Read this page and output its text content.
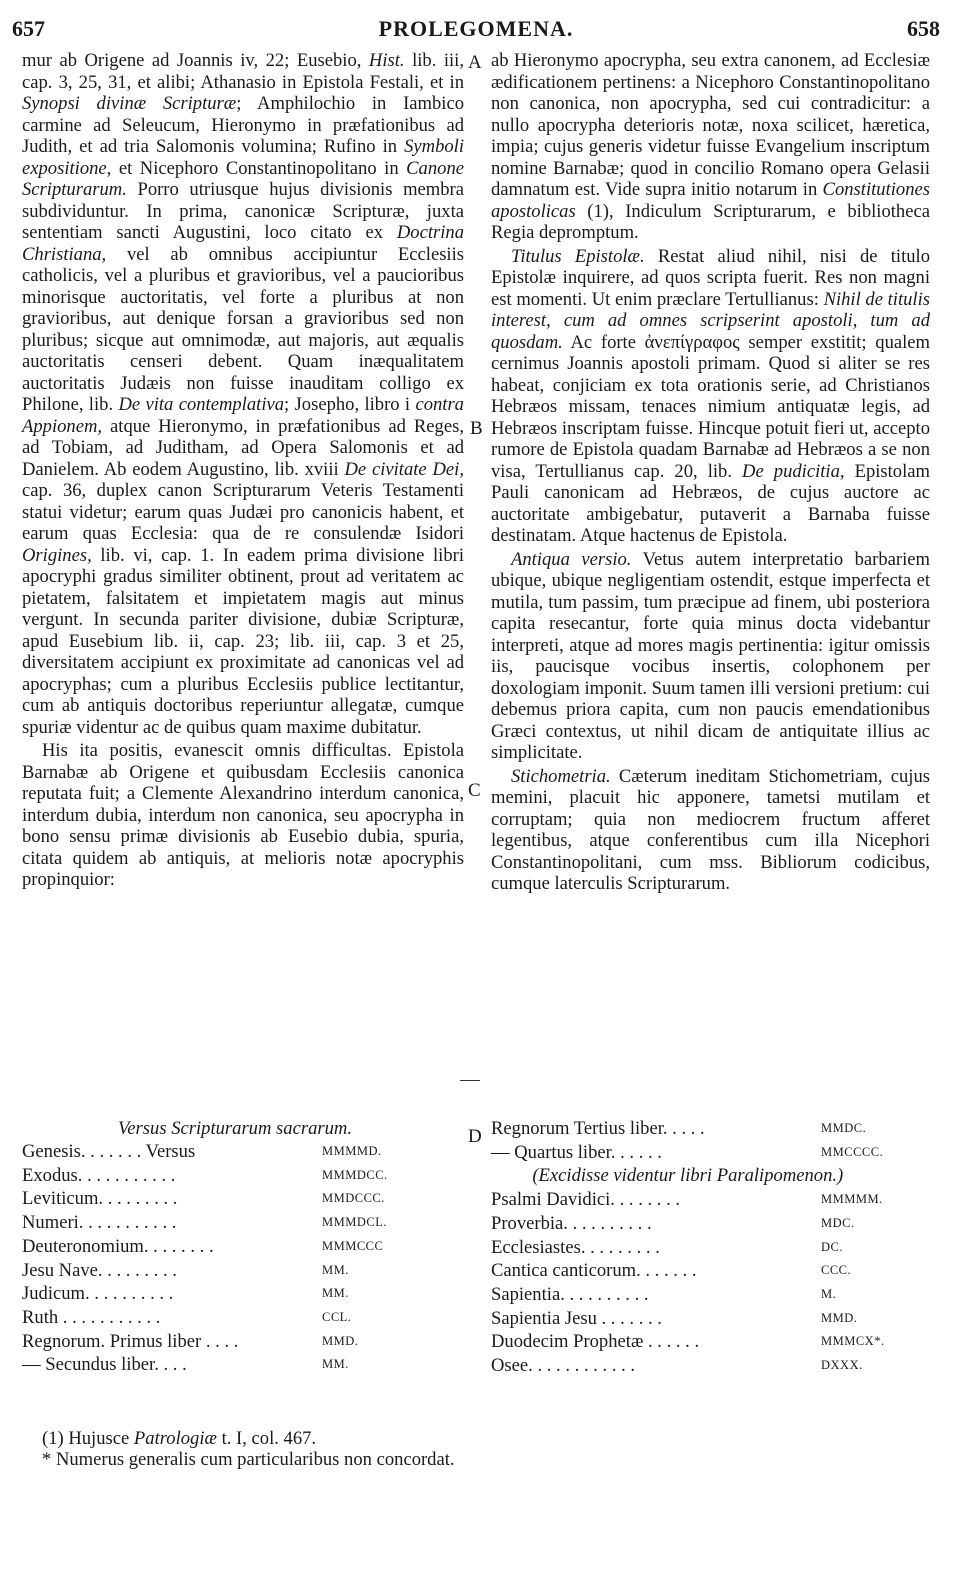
657	PROLEGOMENA.	658
A
B
C
D

mur ab Origene ad Joannis iv, 22; Eusebio, Hist. lib. iii, cap. 3, 25, 31, et alibi; Athanasio in Epistola Festali, et in Synopsi divinæ Scripturæ; Amphilochio in Iambico carmine ad Seleucum, Hieronymo in præfationibus ad Judith, et ad tria Salomonis volumina; Rufino in Symboli expositione, et Nicephoro Constantinopolitano in Canone Scripturarum. Porro utriusque hujus divisionis membra subdividuntur. In prima, canonicæ Scripturæ, juxta sententiam sancti Augustini, loco citato ex Doctrina Christiana, vel ab omnibus accipiuntur Ecclesiis catholicis, vel a pluribus et gravioribus, vel a paucioribus minorisque auctoritatis, vel forte a pluribus at non gravioribus, aut denique forsan a gravioribus sed non pluribus; sicque aut omnimodæ, aut majoris, aut æqualis auctoritatis censeri debent. Quam inæqualitatem auctoritatis Judæis non fuisse inauditam colligo ex Philone, lib. De vita contemplativa; Josepho, libro i contra Appionem, atque Hieronymo, in præfationibus ad Reges, ad Tobiam, ad Juditham, ad Opera Salomonis et ad Danielem. Ab eodem Augustino, lib. xviii De civitate Dei, cap. 36, duplex canon Scripturarum Veteris Testamenti statui videtur; earum quas Judæi pro canonicis habent, et earum quas Ecclesia: qua de re consulendæ Isidori Origines, lib. vi, cap. 1. In eadem prima divisione libri apocryphi gradus similiter obtinent, prout ad veritatem ac pietatem, falsitatem et impietatem magis aut minus vergunt. In secunda pariter divisione, dubiæ Scripturæ, apud Eusebium lib. ii, cap. 23; lib. iii, cap. 3 et 25, diversitatem accipiunt ex proximitate ad canonicas vel ad apocryphas; cum a pluribus Ecclesiis publice lectitantur, cum ab antiquis doctoribus reperiuntur allegatæ, cumque spuriæ videntur ac de quibus quam maxime dubitatur.

His ita positis, evanescit omnis difficultas. Epistola Barnabæ ab Origene et quibusdam Ecclesiis canonica reputata fuit; a Clemente Alexandrino interdum canonica, interdum dubia, interdum non canonica, seu apocrypha in bono sensu primæ divisionis ab Eusebio dubia, spuria, citata quidem ab antiquis, at melioris notæ apocryphis propinquior:

ab Hieronymo apocrypha, seu extra canonem, ad Ecclesiæ ædificationem pertinens: a Nicephoro Constantinopolitano non canonica, non apocrypha, sed cui contradicitur: a nullo apocrypha deterioris notæ, noxa scilicet, hæretica, impia; cujus generis videtur fuisse Evangelium inscriptum nomine Barnabæ; quod in concilio Romano opera Gelasii damnatum est. Vide supra initio notarum in Constitutiones apostolicas (1), Indiculum Scripturarum, e bibliotheca Regia depromptum.

Titulus Epistolæ. Restat aliud nihil, nisi de titulo Epistolæ inquirere, ad quos scripta fuerit. Res non magni est momenti. Ut enim præclare Tertullianus: Nihil de titulis interest, cum ad omnes scripserint apostoli, tum ad quosdam. Ac forte ἀνεπίγραφος semper exstitit; qualem cernimus Joannis apostoli primam. Quod si aliter se res habeat, conjiciam ex tota orationis serie, ad Christianos Hebræos missam, tenaces nimium antiquatæ legis, ad Hebræos inscriptam fuisse. Hincque potuit fieri ut, accepto rumore de Epistola quadam Barnabæ ad Hebræos a se non visa, Tertullianus cap. 20, lib. De pudicitia, Epistolam Pauli canonicam ad Hebræos, de cujus auctore ac auctoritate ambigebatur, putaverit a Barnaba fuisse destinatam. Atque hactenus de Epistola.

Antiqua versio. Vetus autem interpretatio barbariem ubique, ubique negligentiam ostendit, estque imperfecta et mutila, tum passim, tum præcipue ad finem, ubi posteriora capita resecantur, forte quia minus docta videbantur interpreti, atque ad mores magis pertinentia: igitur omissis iis, paucisque vocibus insertis, colophonem per doxologiam imponit. Suum tamen illi versioni pretium: cui debemus priora capita, cum non paucis emendationibus Græci contextus, ut nihil dicam de antiquitate illius ac simplicitate.

Stichometria. Cæterum ineditam Stichometriam, cujus memini, placuit hic apponere, tametsi mutilam et corruptam; quia non mediocrem fructum afferet legentibus, atque conferentibus cum illa Nicephori Constantinopolitani, cum mss. Bibliorum codicibus, cumque laterculis Scripturarum.

Versus Scripturarum sacrarum.
Genesis. . . . . . . Versus	MMMMD.
Exodus. . . . . . . . . . .	MMMDCC.
Leviticum. . . . . . . . .	MMDCCC.
Numeri. . . . . . . . . . .	MMMDCL.
Deuteronomium. . . . . . . .	MMMCCC
Jesu Nave. . . . . . . . .	MM.
Judicum. . . . . . . . . .	MM.
Ruth . . . . . . . . . . .	CCL.
Regnorum. Primus liber . . . .	MMD.
— Secundus liber. . . .	MM.
Regnorum Tertius liber. . . . .	MMDC.
— Quartus liber. . . . . .	MMCCCC.
(Excidisse videntur libri Paralipomenon.)	
Psalmi Davidici. . . . . . . .	MMMMM.
Proverbia. . . . . . . . . .	MDC.
Ecclesiastes. . . . . . . . .	DC.
Cantica canticorum. . . . . . .	CCC.
Sapientia. . . . . . . . . .	M.
Sapientia Jesu . . . . . . .	MMD.
Duodecim Prophetæ . . . . . .	MMMCX*.
Osee. . . . . . . . . . . .	DXXX.
(1) Hujusce Patrologiæ t. I, col. 467.
* Numerus generalis cum particularibus non concordat.
